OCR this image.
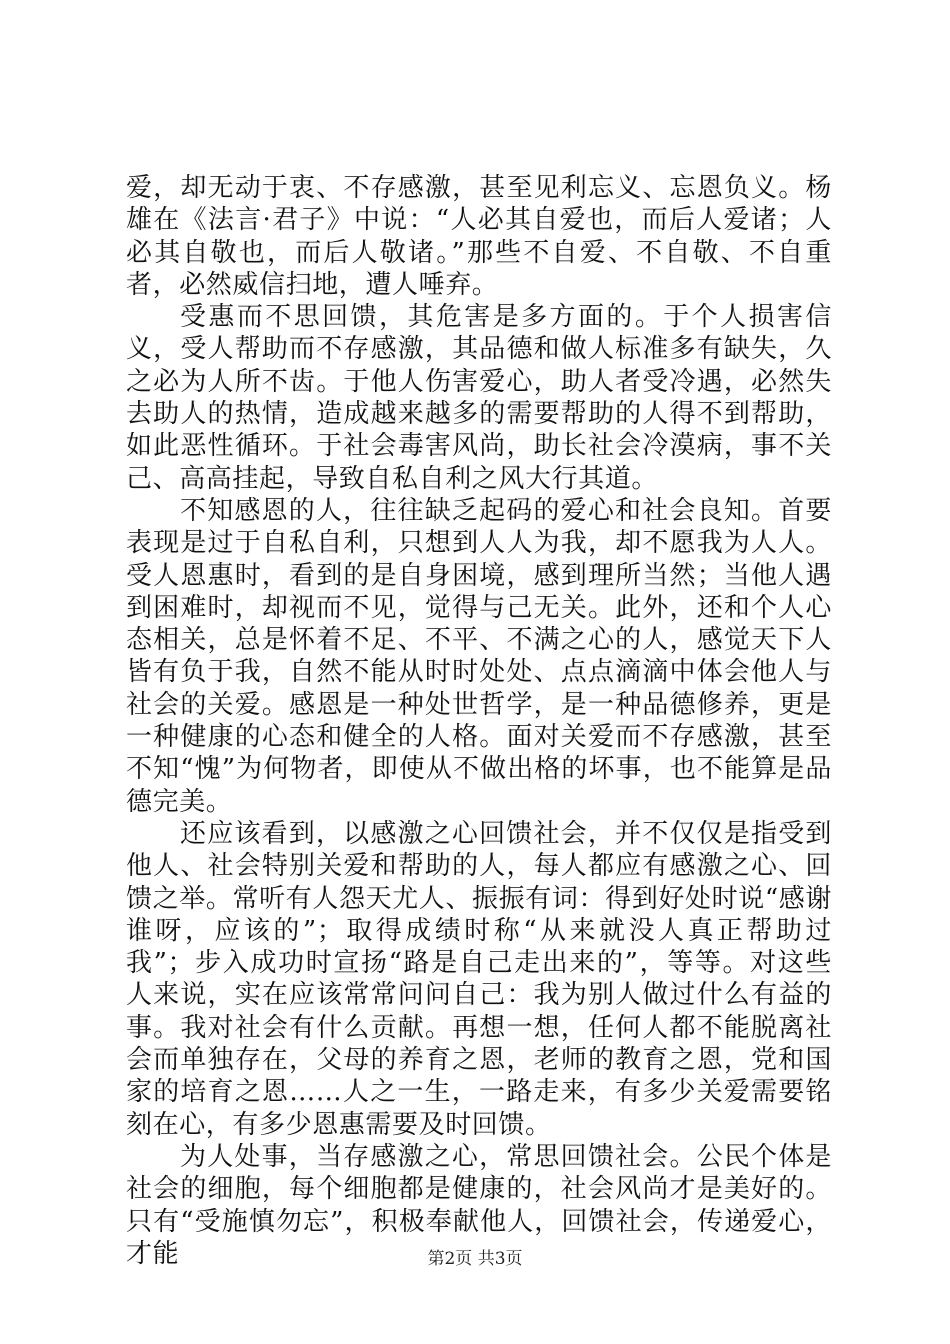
爱，却无动于衷、不存感激，甚至见利忘义、忘恩负义。杨雄在《法言·君子》中说：“人必其自爱也，而后人爱诸；人必其自敬也，而后人敬诸。”那些不自爱、不自敬、不自重者，必然威信扫地，遭人唾弃。

受惠而不思回馈，其危害是多方面的。于个人损害信义，受人帮助而不存感激，其品德和做人标准多有缺失，久之必为人所不齿。于他人伤害爱心，助人者受冷遇，必然失去助人的热情，造成越来越多的需要帮助的人得不到帮助，如此恶性循环。于社会毒害风尚，助长社会冷漠病，事不关己、高高挂起，导致自私自利之风大行其道。

不知感恩的人，往往缺乏起码的爱心和社会良知。首要表现是过于自私自利，只想到人人为我，却不愿我为人人。受人恩惠时，看到的是自身困境，感到理所当然；当他人遇到困难时，却视而不见，觉得与己无关。此外，还和个人心态相关，总是怀着不足、不平、不满之心的人，感觉天下人皆有负于我，自然不能从时时处处、点点滴滴中体会他人与社会的关爱。感恩是一种处世哲学，是一种品德修养，更是一种健康的心态和健全的人格。面对关爱而不存感激，甚至不知“愧”为何物者，即使从不做出格的坏事，也不能算是品德完美。

还应该看到，以感激之心回馈社会，并不仅仅是指受到他人、社会特别关爱和帮助的人，每人都应有感激之心、回馈之举。常听有人怨天尤人、振振有词：得到好处时说“感谢谁呀，应该的”；取得成绩时称“从来就没人真正帮助过我”；步入成功时宣扬“路是自己走出来的”，等等。对这些人来说，实在应该常常问问自己：我为别人做过什么有益的事。我对社会有什么贡献。再想一想，任何人都不能脱离社会而单独存在，父母的养育之恩，老师的教育之恩，党和国家的培育之恩……人之一生，一路走来，有多少关爱需要铭刻在心，有多少恩惠需要及时回馈。

为人处事，当存感激之心，常思回馈社会。公民个体是社会的细胞，每个细胞都是健康的，社会风尚才是美好的。只有“受施慎勿忘”，积极奉献他人，回馈社会，传递爱心，才能	第2页 共3页
